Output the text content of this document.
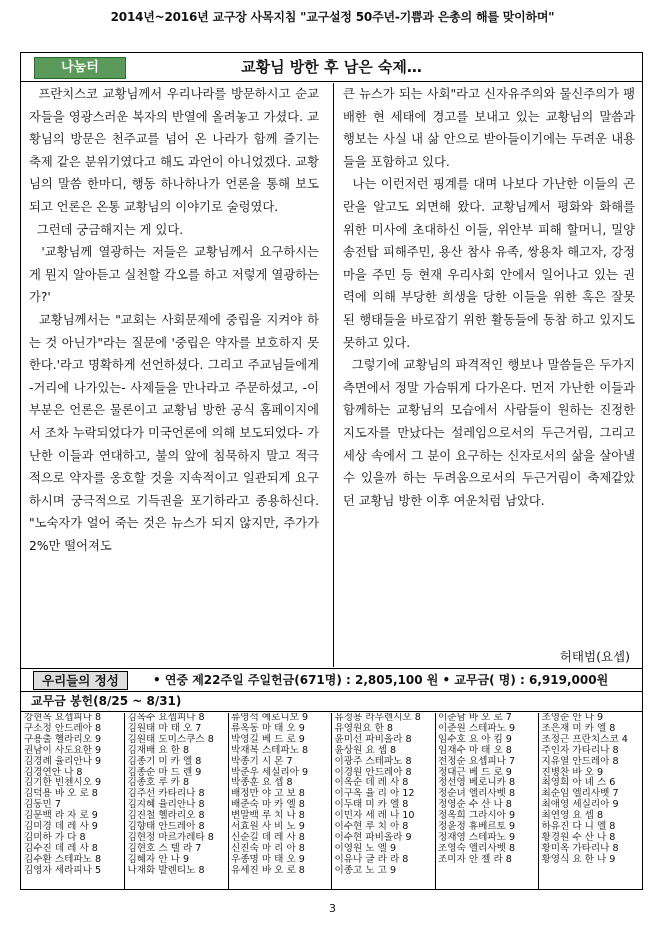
2014년~2016년 교구장 사목지침 "교구설정 50주년-기쁨과 은총의 해를 맞이하며"
나눔터	교황님 방한 후 남은 숙제…
프란치스코 교황님께서 우리나라를 방문하시고 순교자들을 영광스러운 복자의 반열에 올려놓고 가셨다. 교황님의 방문은 천주교를 넘어 온 나라가 함께 즐기는 축제 같은 분위기였다고 해도 과언이 아니었겠다. 교황님의 말씀 한마디, 행동 하나하나가 언론을 통해 보도되고 언론은 온통 교황님의 이야기로 술렁였다.
그런데 궁금해지는 게 있다.
'교황님께 열광하는 저들은 교황님께서 요구하시는 게 뭔지 알아듣고 실천할 각오를 하고 저렇게 열광하는가?'
교황님께서는 "교회는 사회문제에 중립을 지켜야 하는 것 아닌가"라는 질문에 '중립은 약자를 보호하지 못한다.'라고 명확하게 선언하셨다. 그리고 주교님들에게 -거리에 나가있는- 사제들을 만나라고 주문하셨고, -이 부분은 언론은 물론이고 교황님 방한 공식 홈페이지에서 조차 누락되었다가 미국언론에 의해 보도되었다- 가난한 이들과 연대하고, 불의 앞에 침묵하지 말고 적극적으로 약자를 옹호할 것을 지속적이고 일관되게 요구하시며 궁극적으로 기득권을 포기하라고 종용하신다. "노숙자가 얼어 죽는 것은 뉴스가 되지 않지만, 주가가 2%만 떨어져도
큰 뉴스가 되는 사회"라고 신자유주의와 물신주의가 팽배한 현 세태에 경고를 보내고 있는 교황님의 말씀과 행보는 사실 내 삶 안으로 받아들이기에는 두려운 내용들을 포함하고 있다.
나는 이런저런 핑계를 대며 나보다 가난한 이들의 곤란을 알고도 외면해 왔다. 교황님께서 평화와 화해를 위한 미사에 초대하신 이들, 위안부 피해 할머니, 밀양 송전탑 피해주민, 용산 참사 유족, 쌍용차 해고자, 강정마을 주민 등 현재 우리사회 안에서 일어나고 있는 권력에 의해 부당한 희생을 당한 이들을 위한 혹은 잘못된 행태들을 바로잡기 위한 활동들에 동참 하고 있지도 못하고 있다.
그렇기에 교황님의 파격적인 행보나 말씀들은 두가지 측면에서 정말 가슴뛰게 다가온다. 먼저 가난한 이들과 함께하는 교황님의 모습에서 사람들이 원하는 진정한 지도자를 만났다는 설레임으로서의 두근거림, 그리고 세상 속에서 그 분이 요구하는 신자로서의 삶을 살아낼 수 있을까 하는 두려움으로서의 두근거림이 축제같았던 교황님 방한 이후 여운처럼 남았다.
허태범(요셉)
우리들의 정성	• 연중 제22주일 주일헌금(671명) : 2,805,100 원 • 교무금( 명) : 6,919,000원
교무금 봉헌(8/25 ~ 8/31)
강현옥 요셉피나 8
구소정 안드레아 8
구용출 헬라리오 9
권남이 사도요한 9
김경례 율리안나 9
김경연안 나 8
김기한 빈첸시오 9
김덕용 바 오 로 8
김동민 7
김문백 라 자 로 9
김미경 데 레 사 9
김미하 가 다 8
김수진 데 레 사 8
김수환 스테파노 8
김영자 세라피나 5
김옥수 요셉피나 8
김원태 마 태 오 7
김원태 도미스쿠스 8
김재배 요 한 8
김종기 미 카 엘 8
김종순 마 드 렌 9
김종호 루 카 8
김주선 카타리나 8
김지혜 율리안나 8
김진철 헬라리오 8
김향태 안드레아 8
김현정 마르가레타 8
김현호 스 텔 라 7
김혜자 안 나 9
나재화 발렌티노 8
류영석 예로니모 9
류옥동 마 태 오 9
박영길 베 드 로 9
박재복 스테파노 8
박종기 시 몬 7
박준우 세실리아 9
박종훈 요 셉 8
배정만 야 고 보 8
배준숙 마 카 엘 8
변말백 루 치 나 8
서효원 사 비 노 9
신순길 데 레 사 8
신진숙 마 리 아 8
우종명 마 태 오 9
유세진 바 오 로 8
유정용 라우렌시오 8
유영원요 한 8
윤미선 파비올라 8
윤상원 요 셉 8
이광주 스테파노 8
이경원 안드레아 8
이옥순 데 레 사 8
이구옥 율 리 아 12
이두태 미 카 엘 8
이민자 세 레 나 10
이수현 루 치 아 8
이수현 파비올라 9
이영원 노 엘 9
이유나 글 라 라 8
이종고 노 고 9
이준남 바 오 로 7
이준원 스테파노 9
임수호 요 아 킴 9
임재수 마 태 오 8
전정순 요셉피나 7
정대근 베 드 로 9
정선영 베로니카 8
정순녀 엘리사벳 8
정영순 수 산 나 8
정옥희 그라시아 9
정윤정 휴베르토 9
정재영 스테파노 9
조영숙 엘리사벳 8
조미자 안 젤 라 8

조영순 안 나 9
조은재 미 카 엘 8
조정근 프란치스코 4
주인자 가타리나 8
지유열 안드레아 8
진병찬 바 오 9
최영희 아 녜 스 6
최순임 엘리사벳 7
최애영 세실리아 9
최연영 요 셉 8
하유진 다 니 엘 8
황경원 수 산 나 8
황미옥 가타리나 8
황영식 요 한 나 9

3
